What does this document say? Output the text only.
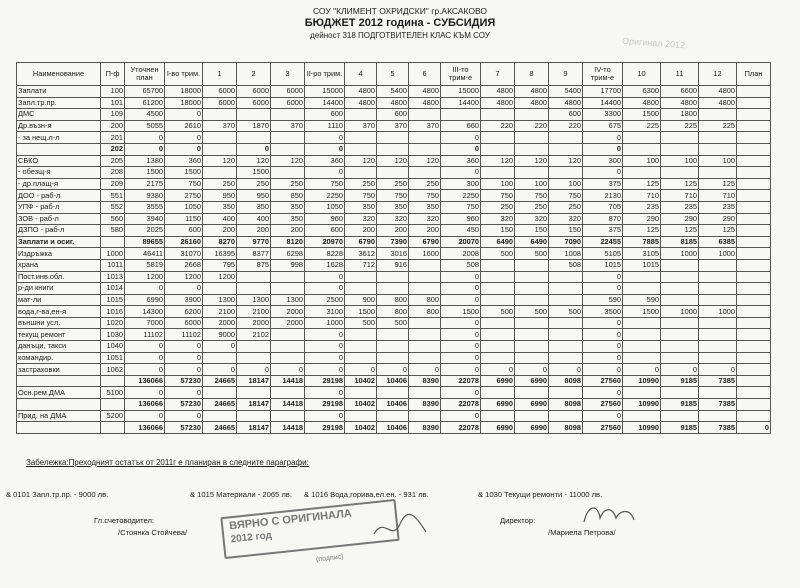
СОУ "КЛИМЕНТ ОХРИДСКИ" гр.АКСАКОВО
БЮДЖЕТ 2012 година - СУБСИДИЯ
дейност 318 ПОДГОТВИТЕЛЕН КЛАС КЪМ СОУ
Оригинал 2012
Наименование	П-ф	Уточнен план	I-во трим.	1	2	3	II-ро трим.	4	5	6	III-то трим-е	7	8	9	IV-то трим-е	10	11	12	План
Заплати	100	65700	18000	6000	6000	6000	15000	4800	5400	4800	15000	4800	4800	5400	17700	6300	6600	4800	
Запл.тр.пр.	101	61200	18000	6000	6000	6000	14400	4800	4800	4800	14400	4800	4800	4800	14400	4800	4800	4800	
ДМС	109	4500	0				600		600					600	3300	1500	1800		
Др.възн-я	200	5055	2610	370	1870	370	1110	370	370	370	660	220	220	220	675	225	225	225	
- за нещ.л-л	201	0	0				0				0				0				
	202	0	0		0		0				0				0				
СБКО	205	1380	360	120	120	120	360	120	120	120	360	120	120	120	300	100	100	100	
- обезщ-я	208	1500	1500		1500		0				0				0				
- др.плащ-я	209	2175	750	250	250	250	750	250	250	250	300	100	100	100	375	125	125	125	
ДОО - раб-л	551	9380	2750	950	950	850	2250	750	750	750	2250	750	750	750	2130	710	710	710	
УПФ - раб-л	552	3555	1050	350	350	350	1050	350	350	350	750	250	250	250	705	235	235	235	
ЗОВ - раб-л	560	3940	1150	400	400	350	960	320	320	320	960	320	320	320	870	290	290	290	
ДЗПО - раб-л	580	2025	600	200	200	200	600	200	200	200	450	150	150	150	375	125	125	125	
Заплати и осиг.		89655	26160	8270	9770	8120	20970	6790	7390	6790	20070	6490	6490	7090	22455	7885	8185	6385	
Издръжка	1000	46411	31070	16395	8377	6298	8228	3612	3016	1600	2008	500	500	1008	5105	3105	1000	1000	
храна	1011	5819	2668	795	875	998	1628	712	916		508			508	1015	1015			
Пост.инв.обл.	1013	1200	1200	1200			0				0				0				
р-ди книги	1014	0	0				0				0				0				
мат-ли	1015	6990	3900	1300	1300	1300	2500	900	800	800	0				590	590			
вода,г-ва,ен-я	1016	14300	6200	2100	2100	2000	3100	1500	800	800	1500	500	500	500	3500	1500	1000	1000	
външни усл.	1020	7000	6000	2000	2000	2000	1000	500	500		0				0				
текущ ремонт	1030	11102	11102	9000	2102		0				0				0				
данъци, такси	1040	0	0	0			0				0				0				
командир.	1051	0	0				0				0				0				
застраховки	1062	0	0	0	0	0	0	0	0	0	0	0	0	0	0	0	0	0	
		136066	57230	24665	18147	14418	29198	10402	10406	8390	22078	6990	6990	8098	27560	10990	9185	7385	
Осн.рем.ДМА	5100	0	0				0				0				0				
		136066	57230	24665	18147	14418	29198	10402	10406	8390	22078	6990	6990	8098	27560	10990	9185	7385	
Прид. на ДМА	5200	0	0				0				0				0				
		136066	57230	24665	18147	14418	29198	10402	10406	8390	22078	6990	6990	8098	27560	10990	9185	7385	0
Забележка:Преходният остатък от 2011г е планиран в следните параграфи:
& 0101 Запл.тр.пр. - 9000 лв.	& 1015 Материали - 2065 лв. & 1016 Вода,горива,ел.ен. - 931 лв.	& 1030 Текущи ремонти - 11000 лв.
Гл.счетоводител:
/Стоянка Стойчева/
Директор:
/Мариела Петрова/
ВЯРНО С ОРИГИНАЛА
2012 год
(подпис)
